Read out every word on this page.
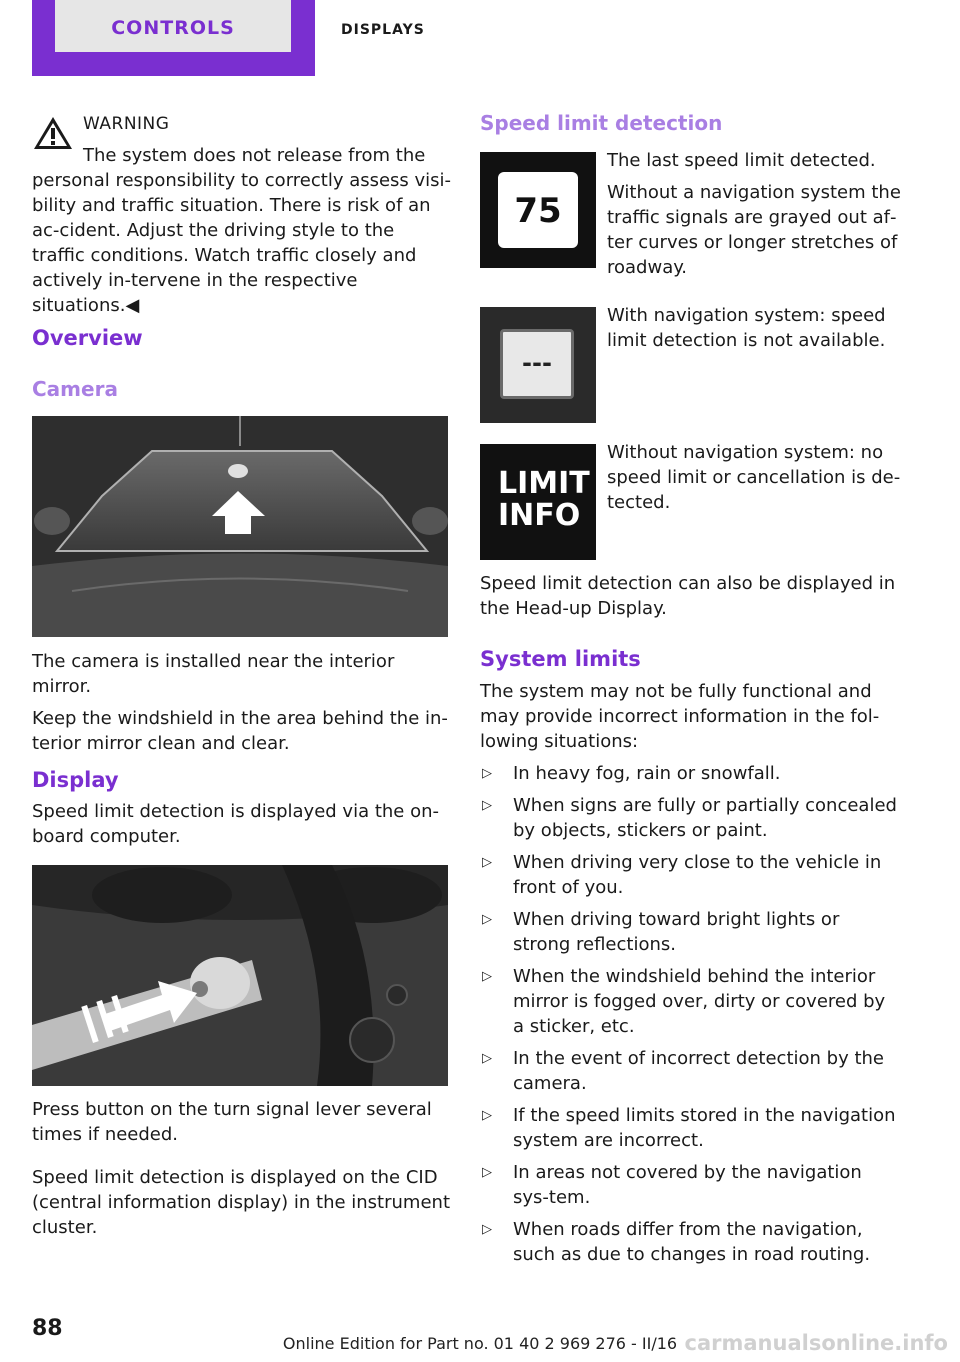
CONTROLS	DISPLAYS

WARNING

The system does not release from the personal responsibility to correctly assess visi‐bility and traffic situation. There is risk of an ac‐cident. Adjust the driving style to the traffic conditions. Watch traffic closely and actively in‐tervene in the respective situations.◀

Overview
Camera

The camera is installed near the interior mirror.

Keep the windshield in the area behind the in‐terior mirror clean and clear.

Display

Speed limit detection is displayed via the on‐board computer.

Press button on the turn signal lever several times if needed.

Speed limit detection is displayed on the CID (central information display) in the instrument cluster.

Speed limit detection
75

The last speed limit detected.

Without a navigation system the traffic signals are grayed out af‐ter curves or longer stretches of roadway.

---

With navigation system: speed limit detection is not available.

LIMIT
INFO

Without navigation system: no speed limit or cancellation is de‐tected.

Speed limit detection can also be displayed in the Head-up Display.

System limits

The system may not be fully functional and may provide incorrect information in the fol‐lowing situations:

▷ In heavy fog, rain or snowfall.
▷ When signs are fully or partially concealed by objects, stickers or paint.
▷ When driving very close to the vehicle in front of you.
▷ When driving toward bright lights or strong reflections.
▷ When the windshield behind the interior mirror is fogged over, dirty or covered by a sticker, etc.
▷ In the event of incorrect detection by the camera.
▷ If the speed limits stored in the navigation system are incorrect.
▷ In areas not covered by the navigation sys‐tem.
▷ When roads differ from the navigation, such as due to changes in road routing.
88
Online Edition for Part no. 01 40 2 969 276 - II/16 carmanualsonline.info
